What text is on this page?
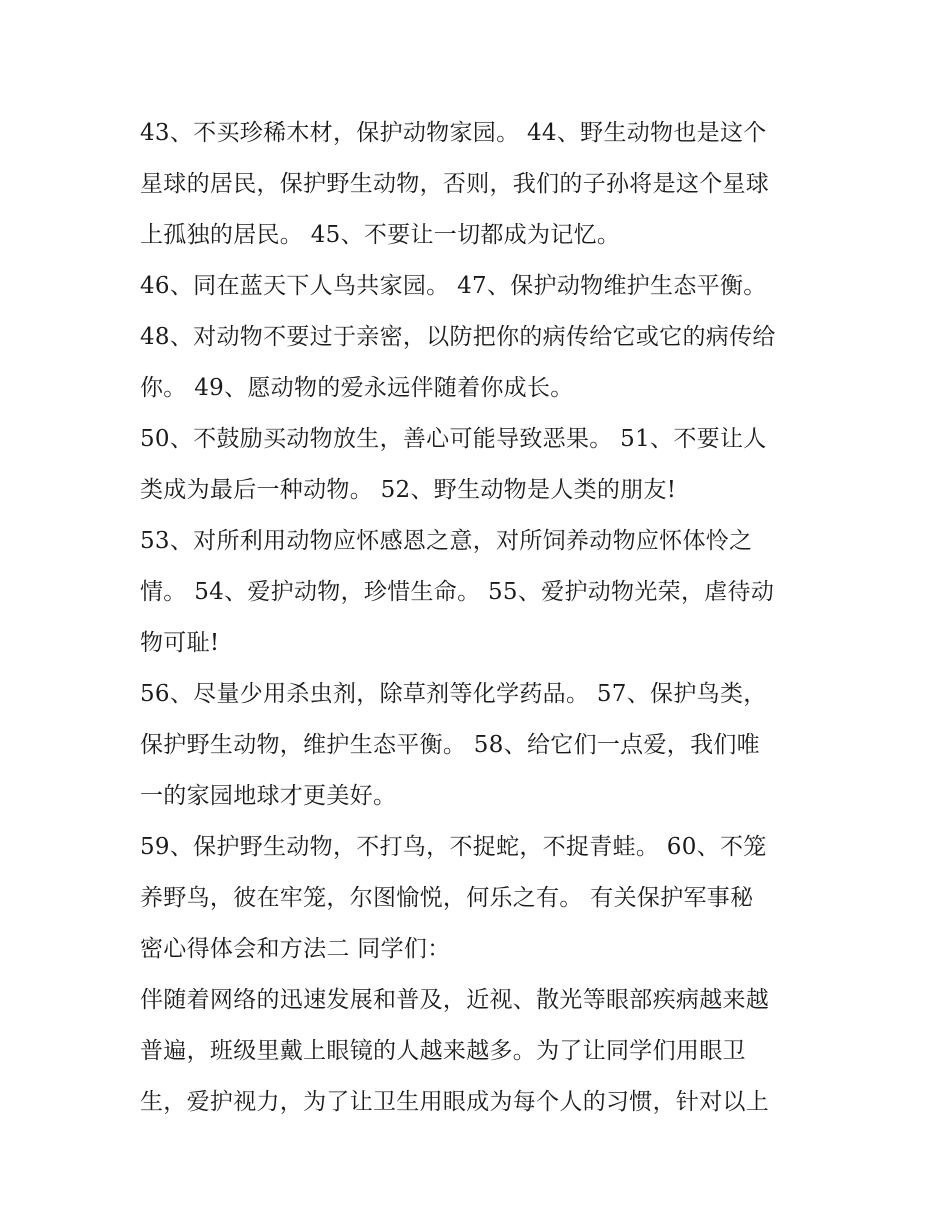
43、不买珍稀木材，保护动物家园。 44、野生动物也是这个
星球的居民，保护野生动物，否则，我们的子孙将是这个星球
上孤独的居民。 45、不要让一切都成为记忆。
46、同在蓝天下人鸟共家园。 47、保护动物维护生态平衡。
48、对动物不要过于亲密，以防把你的病传给它或它的病传给
你。 49、愿动物的爱永远伴随着你成长。
50、不鼓励买动物放生，善心可能导致恶果。 51、不要让人
类成为最后一种动物。 52、野生动物是人类的朋友!
53、对所利用动物应怀感恩之意，对所饲养动物应怀体怜之
情。 54、爱护动物，珍惜生命。 55、爱护动物光荣，虐待动
物可耻!
56、尽量少用杀虫剂，除草剂等化学药品。 57、保护鸟类，
保护野生动物，维护生态平衡。 58、给它们一点爱，我们唯
一的家园地球才更美好。
59、保护野生动物，不打鸟，不捉蛇，不捉青蛙。 60、不笼
养野鸟，彼在牢笼，尔图愉悦，何乐之有。 有关保护军事秘
密心得体会和方法二 同学们：
伴随着网络的迅速发展和普及，近视、散光等眼部疾病越来越
普遍，班级里戴上眼镜的人越来越多。为了让同学们用眼卫
生，爱护视力，为了让卫生用眼成为每个人的习惯，针对以上
